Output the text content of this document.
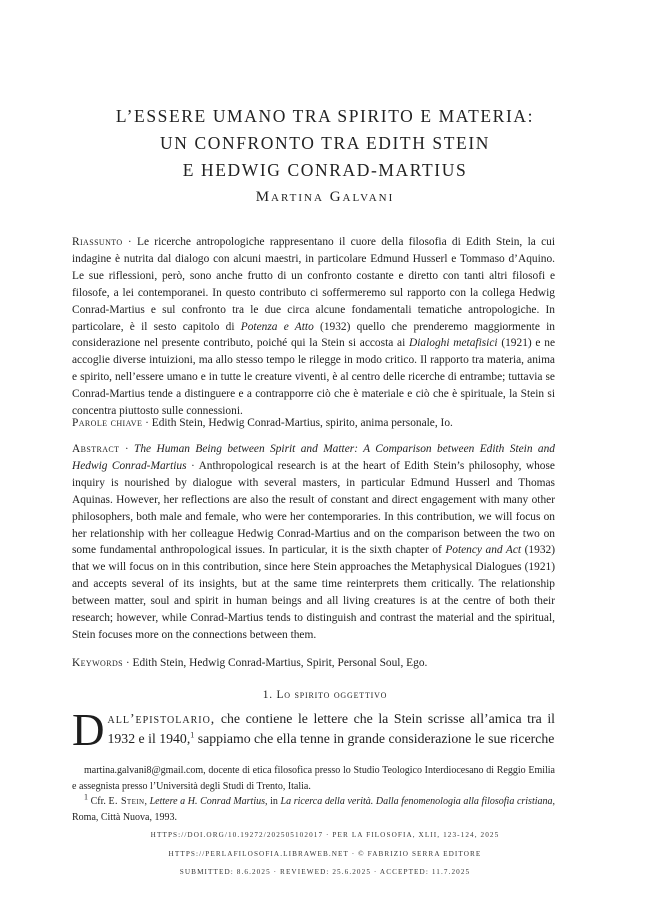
L’ESSERE UMANO TRA SPIRITO E MATERIA:
UN CONFRONTO TRA EDITH STEIN
E HEDWIG CONRAD-MARTIUS
Martina Galvani
Riassunto · Le ricerche antropologiche rappresentano il cuore della filosofia di Edith Stein, la cui indagine è nutrita dal dialogo con alcuni maestri, in particolare Edmund Husserl e Tommaso d’Aquino. Le sue riflessioni, però, sono anche frutto di un confronto costante e diretto con tanti altri filosofi e filosofe, a lei contemporanei. In questo contributo ci soffermeremo sul rapporto con la collega Hedwig Conrad-Martius e sul confronto tra le due circa alcune fondamentali tematiche antropologiche. In particolare, è il sesto capitolo di Potenza e Atto (1932) quello che prenderemo maggiormente in considerazione nel presente contributo, poiché qui la Stein si accosta ai Dialoghi metafisici (1921) e ne accoglie diverse intuizioni, ma allo stesso tempo le rilegge in modo critico. Il rapporto tra materia, anima e spirito, nell’essere umano e in tutte le creature viventi, è al centro delle ricerche di entrambe; tuttavia se Conrad-Martius tende a distinguere e a contrapporre ciò che è materiale e ciò che è spirituale, la Stein si concentra piuttosto sulle connessioni.
Parole chiave · Edith Stein, Hedwig Conrad-Martius, spirito, anima personale, Io.
Abstract · The Human Being between Spirit and Matter: A Comparison between Edith Stein and Hedwig Conrad-Martius · Anthropological research is at the heart of Edith Stein’s philosophy, whose inquiry is nourished by dialogue with several masters, in particular Edmund Husserl and Thomas Aquinas. However, her reflections are also the result of constant and direct engagement with many other philosophers, both male and female, who were her contemporaries. In this contribution, we will focus on her relationship with her colleague Hedwig Conrad-Martius and on the comparison between the two on some fundamental anthropological issues. In particular, it is the sixth chapter of Potency and Act (1932) that we will focus on in this contribution, since here Stein approaches the Metaphysical Dialogues (1921) and accepts several of its insights, but at the same time reinterprets them critically. The relationship between matter, soul and spirit in human beings and all living creatures is at the centre of both their research; however, while Conrad-Martius tends to distinguish and contrast the material and the spiritual, Stein focuses more on the connections between them.
Keywords · Edith Stein, Hedwig Conrad-Martius, Spirit, Personal Soul, Ego.
1. Lo spirito oggettivo
Dall’epistolario, che contiene le lettere che la Stein scrisse all’amica tra il 1932 e il 1940,$^1$ sappiamo che ella tenne in grande considerazione le sue ricerche

martina.galvani8@gmail.com, docente di etica filosofica presso lo Studio Teologico Interdiocesano di Reggio Emilia e assegnista presso l’Università degli Studi di Trento, Italia.

$^1$ Cfr. E. Stein, Lettere a H. Conrad Martius, in La ricerca della verità. Dalla fenomenologia alla filosofia cristiana, Roma, Città Nuova, 1993.

HTTPS://DOI.ORG/10.19272/202505102017 · PER LA FILOSOFIA, XLII, 123-124, 2025
HTTPS://PERLAFILOSOFIA.LIBRAWEB.NET · © FABRIZIO SERRA EDITORE
SUBMITTED: 8.6.2025 · REVIEWED: 25.6.2025 · ACCEPTED: 11.7.2025
